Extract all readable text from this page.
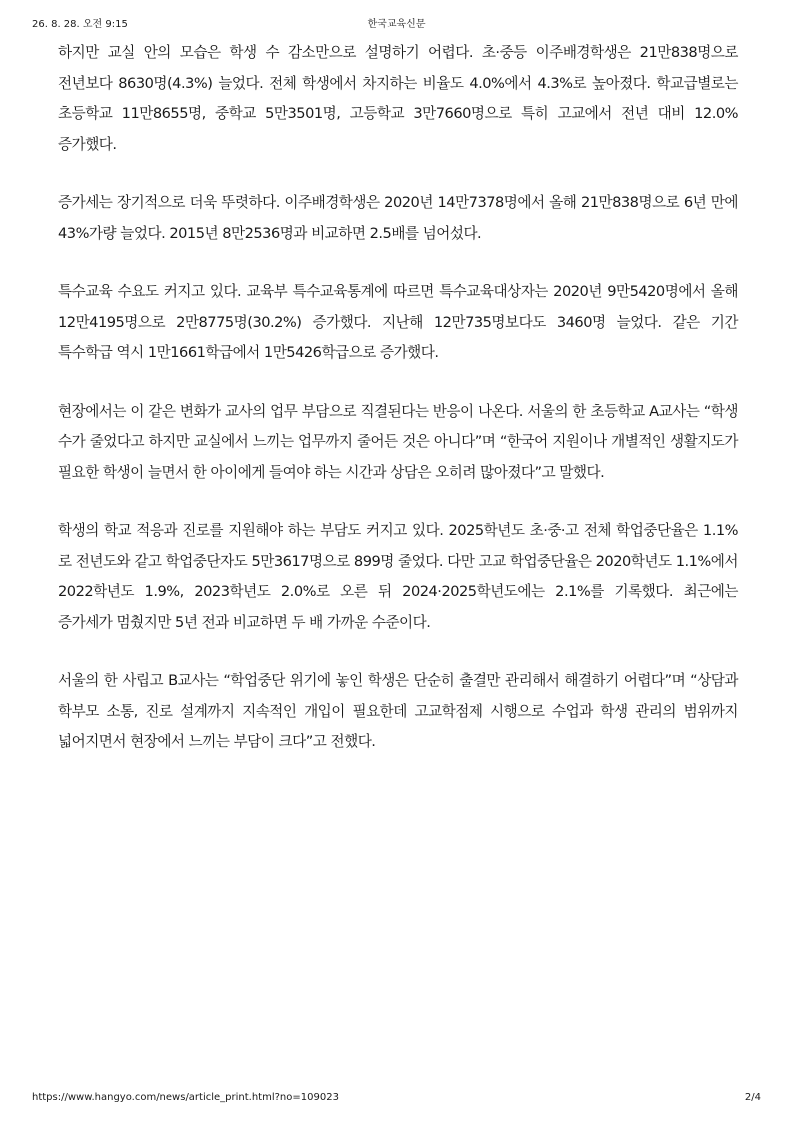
26. 8. 28. 오전 9:15	한국교육신문

하지만 교실 안의 모습은 학생 수 감소만으로 설명하기 어렵다. 초·중등 이주배경학생은 21만838명으로 전년보다 8630명(4.3%) 늘었다. 전체 학생에서 차지하는 비율도 4.0%에서 4.3%로 높아졌다. 학교급별로는 초등학교 11만8655명, 중학교 5만3501명, 고등학교 3만7660명으로 특히 고교에서 전년 대비 12.0% 증가했다.

증가세는 장기적으로 더욱 뚜렷하다. 이주배경학생은 2020년 14만7378명에서 올해 21만838명으로 6년 만에 43%가량 늘었다. 2015년 8만2536명과 비교하면 2.5배를 넘어섰다.

특수교육 수요도 커지고 있다. 교육부 특수교육통계에 따르면 특수교육대상자는 2020년 9만5420명에서 올해 12만4195명으로 2만8775명(30.2%) 증가했다. 지난해 12만735명보다도 3460명 늘었다. 같은 기간 특수학급 역시 1만1661학급에서 1만5426학급으로 증가했다.

현장에서는 이 같은 변화가 교사의 업무 부담으로 직결된다는 반응이 나온다. 서울의 한 초등학교 A교사는 “학생 수가 줄었다고 하지만 교실에서 느끼는 업무까지 줄어든 것은 아니다”며 “한국어 지원이나 개별적인 생활지도가 필요한 학생이 늘면서 한 아이에게 들여야 하는 시간과 상담은 오히려 많아졌다”고 말했다.

학생의 학교 적응과 진로를 지원해야 하는 부담도 커지고 있다. 2025학년도 초·중·고 전체 학업중단율은 1.1%로 전년도와 같고 학업중단자도 5만3617명으로 899명 줄었다. 다만 고교 학업중단율은 2020학년도 1.1%에서 2022학년도 1.9%, 2023학년도 2.0%로 오른 뒤 2024·2025학년도에는 2.1%를 기록했다. 최근에는 증가세가 멈췄지만 5년 전과 비교하면 두 배 가까운 수준이다.

서울의 한 사립고 B교사는 “학업중단 위기에 놓인 학생은 단순히 출결만 관리해서 해결하기 어렵다”며 “상담과 학부모 소통, 진로 설계까지 지속적인 개입이 필요한데 고교학점제 시행으로 수업과 학생 관리의 범위까지 넓어지면서 현장에서 느끼는 부담이 크다”고 전했다.

https://www.hangyo.com/news/article_print.html?no=109023	2/4
